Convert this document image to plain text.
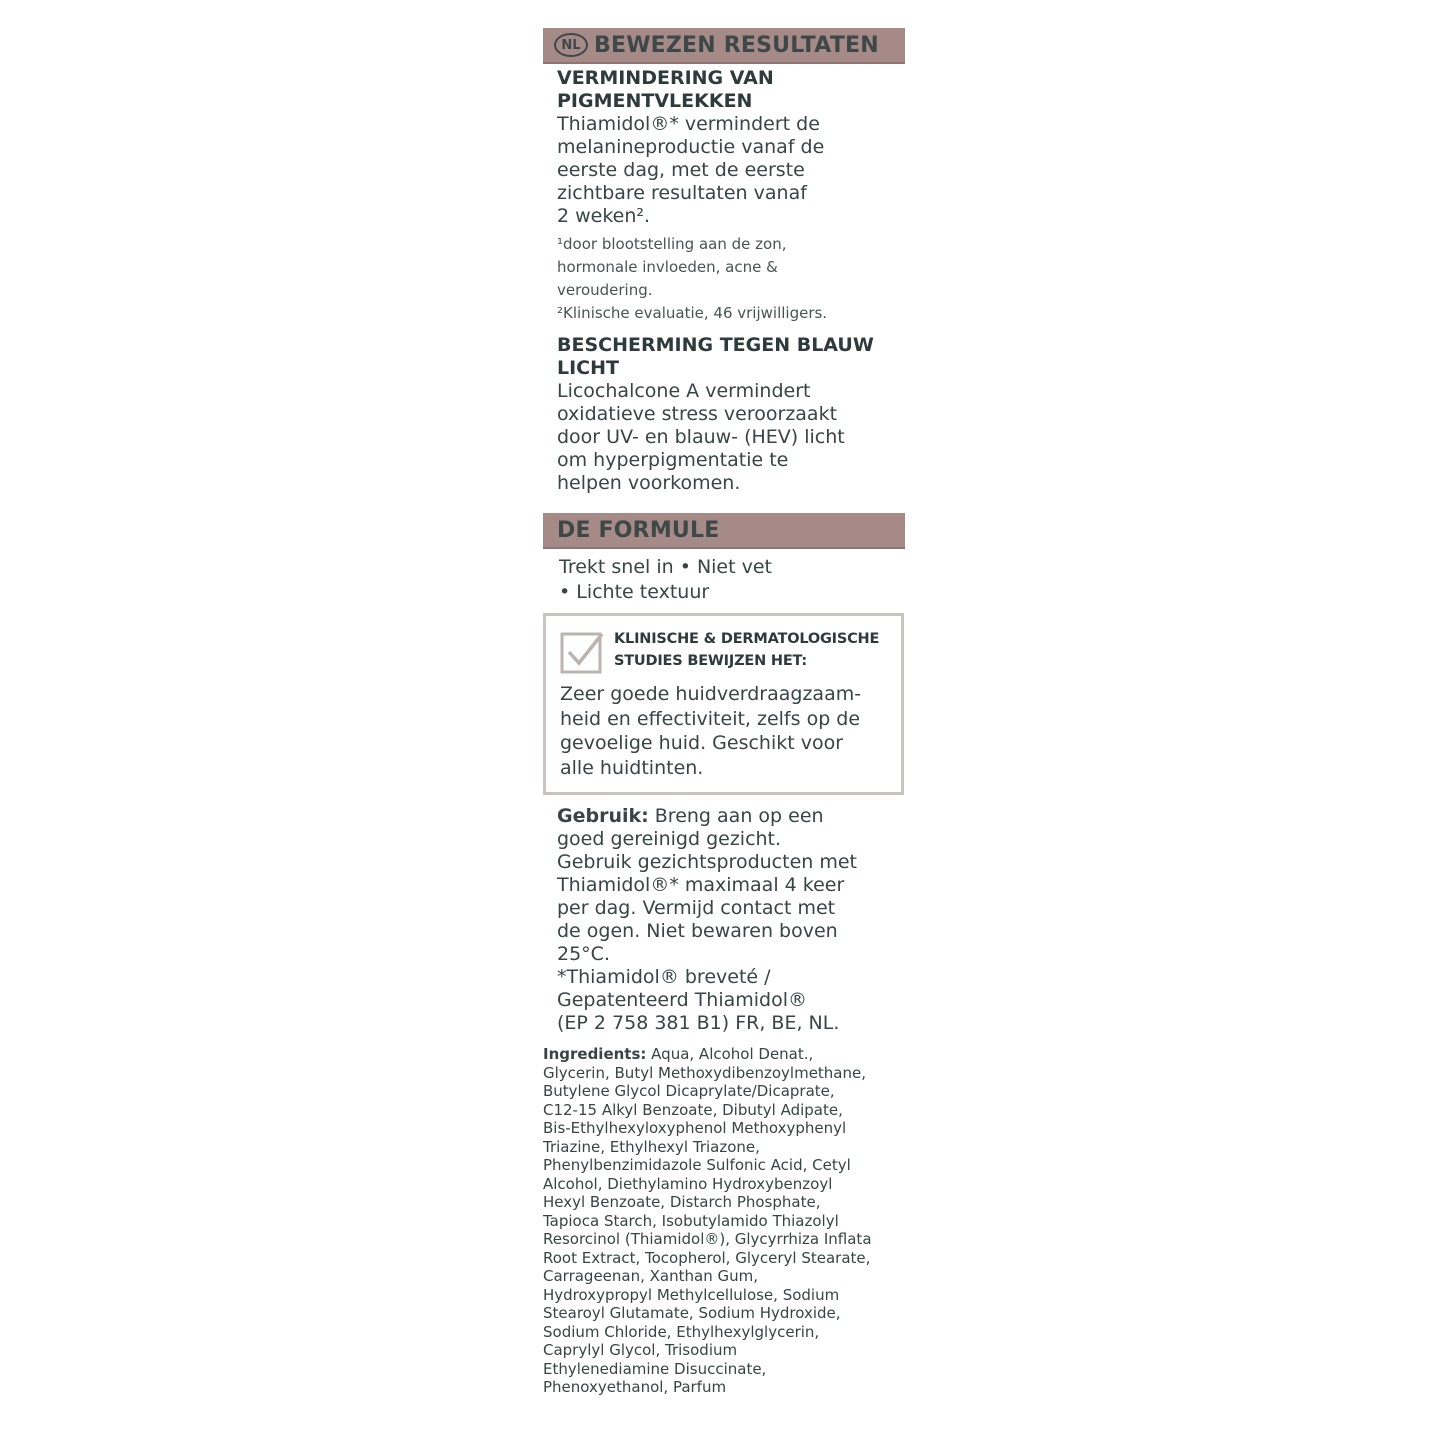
NL BEWEZEN RESULTATEN
VERMINDERING VAN
PIGMENTVLEKKEN
Thiamidol®* vermindert de
melanineproductie vanaf de
eerste dag, met de eerste
zichtbare resultaten vanaf
2 weken².
¹door blootstelling aan de zon,
hormonale invloeden, acne &
veroudering.
²Klinische evaluatie, 46 vrijwilligers.
BESCHERMING TEGEN BLAUW
LICHT
Licochalcone A vermindert
oxidatieve stress veroorzaakt
door UV- en blauw- (HEV) licht
om hyperpigmentatie te
helpen voorkomen.
DE FORMULE
Trekt snel in • Niet vet
• Lichte textuur
KLINISCHE & DERMATOLOGISCHE
STUDIES BEWIJZEN HET:
Zeer goede huidverdraagzaam-
heid en effectiviteit, zelfs op de
gevoelige huid. Geschikt voor
alle huidtinten.
Gebruik: Breng aan op een
goed gereinigd gezicht.
Gebruik gezichtsproducten met
Thiamidol®* maximaal 4 keer
per dag. Vermijd contact met
de ogen. Niet bewaren boven
25°C.
*Thiamidol® breveté /
Gepatenteerd Thiamidol®
(EP 2 758 381 B1) FR, BE, NL.
Ingredients: Aqua, Alcohol Denat.,
Glycerin, Butyl Methoxydibenzoylmethane,
Butylene Glycol Dicaprylate/Dicaprate,
C12-15 Alkyl Benzoate, Dibutyl Adipate,
Bis-Ethylhexyloxyphenol Methoxyphenyl
Triazine, Ethylhexyl Triazone,
Phenylbenzimidazole Sulfonic Acid, Cetyl
Alcohol, Diethylamino Hydroxybenzoyl
Hexyl Benzoate, Distarch Phosphate,
Tapioca Starch, Isobutylamido Thiazolyl
Resorcinol (Thiamidol®), Glycyrrhiza Inflata
Root Extract, Tocopherol, Glyceryl Stearate,
Carrageenan, Xanthan Gum,
Hydroxypropyl Methylcellulose, Sodium
Stearoyl Glutamate, Sodium Hydroxide,
Sodium Chloride, Ethylhexylglycerin,
Caprylyl Glycol, Trisodium
Ethylenediamine Disuccinate,
Phenoxyethanol, Parfum
